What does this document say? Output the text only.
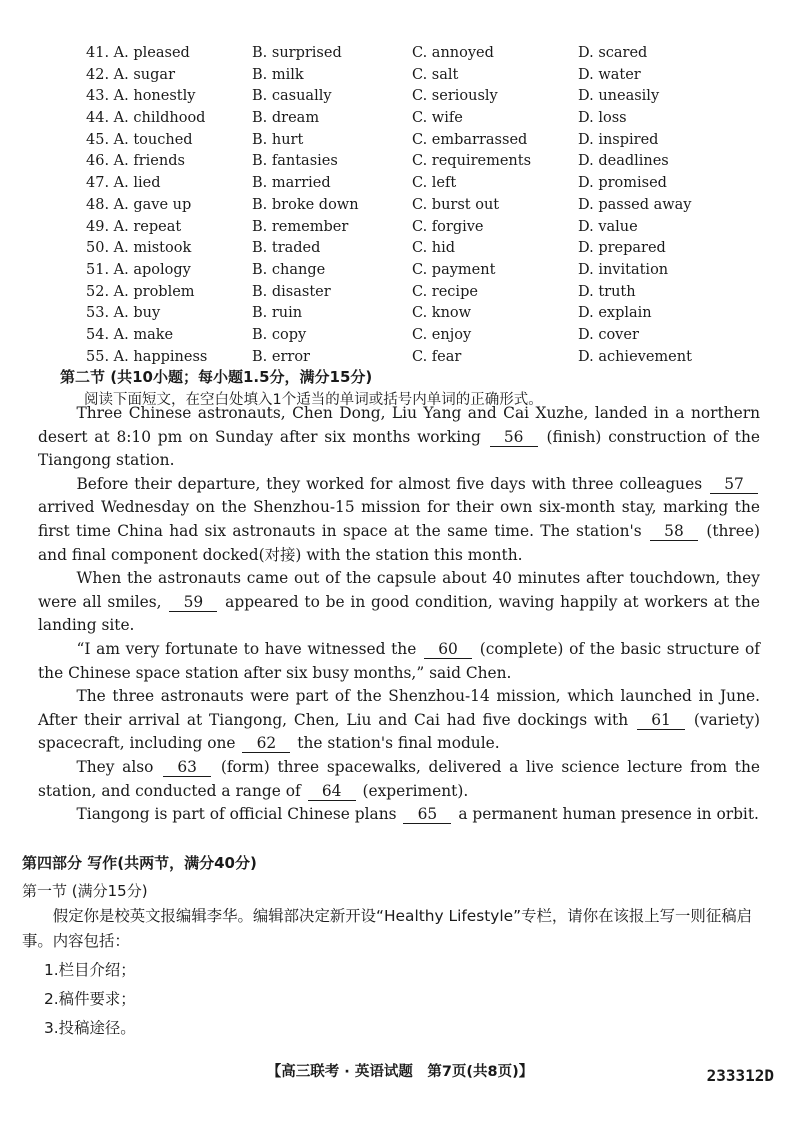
41. A. pleased	B. surprised	C. annoyed	D. scared
42. A. sugar	B. milk	C. salt	D. water
43. A. honestly	B. casually	C. seriously	D. uneasily
44. A. childhood	B. dream	C. wife	D. loss
45. A. touched	B. hurt	C. embarrassed	D. inspired
46. A. friends	B. fantasies	C. requirements	D. deadlines
47. A. lied	B. married	C. left	D. promised
48. A. gave up	B. broke down	C. burst out	D. passed away
49. A. repeat	B. remember	C. forgive	D. value
50. A. mistook	B. traded	C. hid	D. prepared
51. A. apology	B. change	C. payment	D. invitation
52. A. problem	B. disaster	C. recipe	D. truth
53. A. buy	B. ruin	C. know	D. explain
54. A. make	B. copy	C. enjoy	D. cover
55. A. happiness	B. error	C. fear	D. achievement
第二节 (共10小题；每小题1.5分，满分15分)
阅读下面短文，在空白处填入1个适当的单词或括号内单词的正确形式。

Three Chinese astronauts, Chen Dong, Liu Yang and Cai Xuzhe, landed in a northern desert at 8:10 pm on Sunday after six months working 56 (finish) construction of the Tiangong station.

Before their departure, they worked for almost five days with three colleagues 57 arrived Wednesday on the Shenzhou-15 mission for their own six-month stay, marking the first time China had six astronauts in space at the same time. The station's 58 (three) and final component docked(对接) with the station this month.

When the astronauts came out of the capsule about 40 minutes after touchdown, they were all smiles, 59 appeared to be in good condition, waving happily at workers at the landing site.

“I am very fortunate to have witnessed the 60 (complete) of the basic structure of the Chinese space station after six busy months,” said Chen.

The three astronauts were part of the Shenzhou-14 mission, which launched in June. After their arrival at Tiangong, Chen, Liu and Cai had five dockings with 61 (variety) spacecraft, including one 62 the station's final module.

They also 63 (form) three spacewalks, delivered a live science lecture from the station, and conducted a range of 64 (experiment).

Tiangong is part of official Chinese plans 65 a permanent human presence in orbit.

第四部分 写作(共两节，满分40分)
第一节 (满分15分)
假定你是校英文报编辑李华。编辑部决定新开设“Healthy Lifestyle”专栏，请你在该报上写一则征稿启事。内容包括：
1.栏目介绍；
2.稿件要求；
3.投稿途径。
【高三联考 · 英语试题　第7页(共8页)】	233312D
